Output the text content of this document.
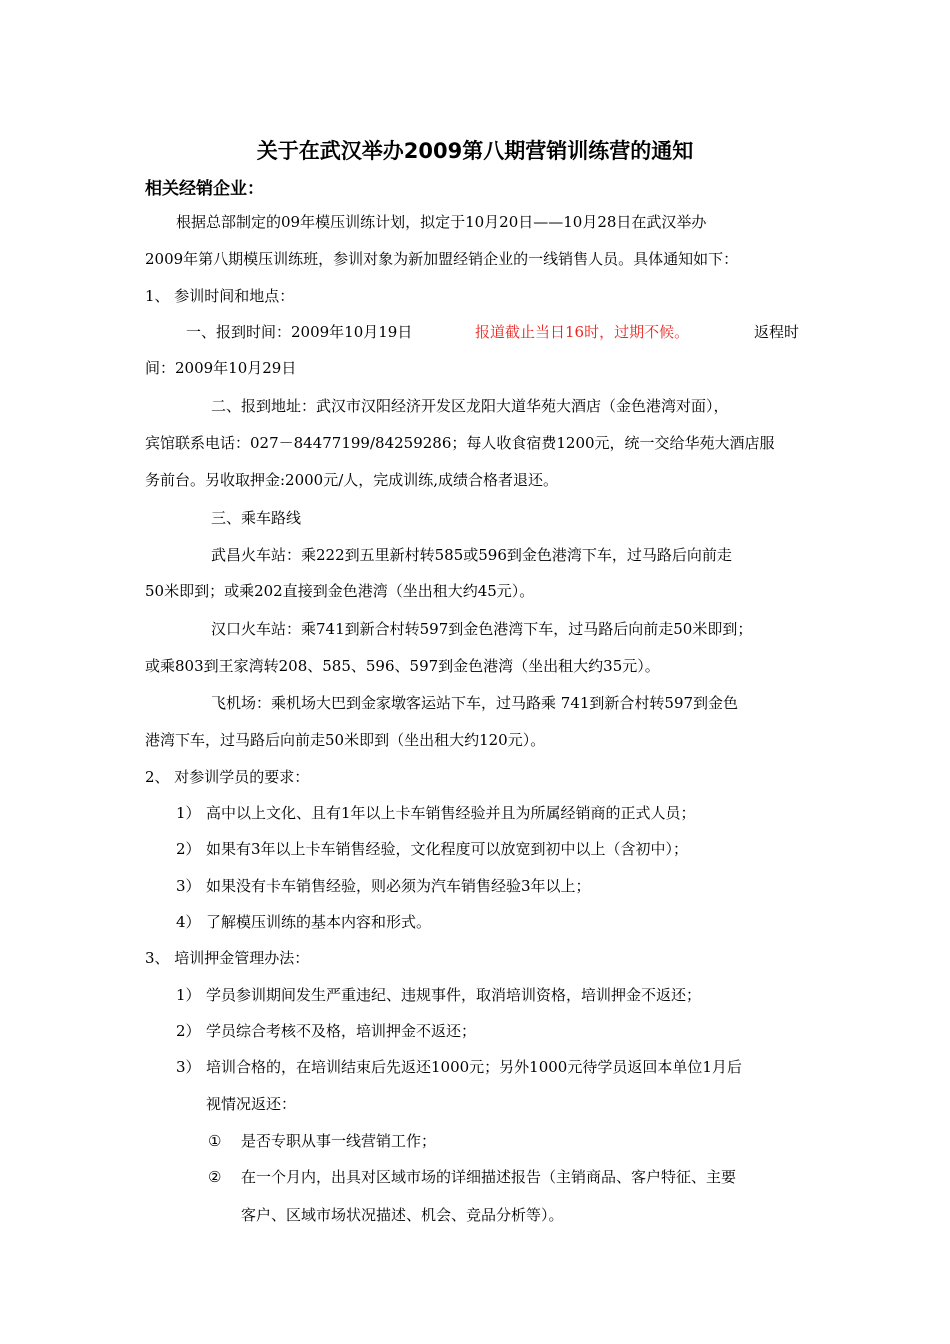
关于在武汉举办2009第八期营销训练营的通知
相关经销企业：
根据总部制定的09年模压训练计划，拟定于10月20日——10月28日在武汉举办
2009年第八期模压训练班，参训对象为新加盟经销企业的一线销售人员。具体通知如下：
1、 参训时间和地点：
一、报到时间：2009年10月19日	报道截止当日16时，过期不候。	返程时
间：2009年10月29日
二、报到地址：武汉市汉阳经济开发区龙阳大道华苑大酒店（金色港湾对面），
宾馆联系电话：027－84477199/84259286；每人收食宿费1200元，统一交给华苑大酒店服
务前台。另收取押金:2000元/人，完成训练,成绩合格者退还。
三、乘车路线
武昌火车站：乘222到五里新村转585或596到金色港湾下车，过马路后向前走
50米即到；或乘202直接到金色港湾（坐出租大约45元）。
汉口火车站：乘741到新合村转597到金色港湾下车，过马路后向前走50米即到；
或乘803到王家湾转208、585、596、597到金色港湾（坐出租大约35元）。
飞机场：乘机场大巴到金家墩客运站下车，过马路乘 741到新合村转597到金色
港湾下车，过马路后向前走50米即到（坐出租大约120元）。
2、 对参训学员的要求：
1） 高中以上文化、且有1年以上卡车销售经验并且为所属经销商的正式人员；
2） 如果有3年以上卡车销售经验，文化程度可以放宽到初中以上（含初中）；
3） 如果没有卡车销售经验，则必须为汽车销售经验3年以上；
4） 了解模压训练的基本内容和形式。
3、 培训押金管理办法：
1） 学员参训期间发生严重违纪、违规事件，取消培训资格，培训押金不返还；
2） 学员综合考核不及格，培训押金不返还；
3） 培训合格的，在培训结束后先返还1000元；另外1000元待学员返回本单位1月后
视情况返还：
① 是否专职从事一线营销工作；
② 在一个月内，出具对区域市场的详细描述报告（主销商品、客户特征、主要
客户、区域市场状况描述、机会、竞品分析等）。
